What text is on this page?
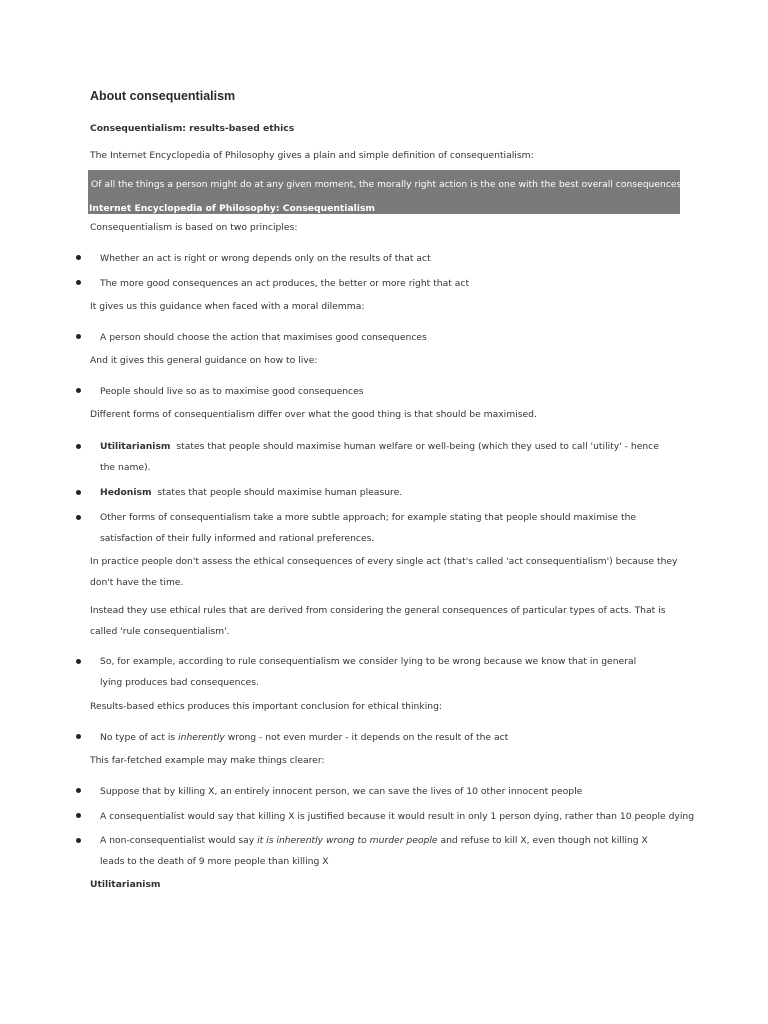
About consequentialism
Consequentialism: results-based ethics
The Internet Encyclopedia of Philosophy gives a plain and simple definition of consequentialism:
Of all the things a person might do at any given moment, the morally right action is the one with the best overall consequences.
Internet Encyclopedia of Philosophy: Consequentialism
Consequentialism is based on two principles:
Whether an act is right or wrong depends only on the results of that act
The more good consequences an act produces, the better or more right that act
It gives us this guidance when faced with a moral dilemma:
A person should choose the action that maximises good consequences
And it gives this general guidance on how to live:
People should live so as to maximise good consequences
Different forms of consequentialism differ over what the good thing is that should be maximised.
Utilitarianism states that people should maximise human welfare or well-being (which they used to call 'utility' - hence the name).
Hedonism states that people should maximise human pleasure.
Other forms of consequentialism take a more subtle approach; for example stating that people should maximise the satisfaction of their fully informed and rational preferences.
In practice people don't assess the ethical consequences of every single act (that's called 'act consequentialism') because they don't have the time.
Instead they use ethical rules that are derived from considering the general consequences of particular types of acts. That is called 'rule consequentialism'.
So, for example, according to rule consequentialism we consider lying to be wrong because we know that in general lying produces bad consequences.
Results-based ethics produces this important conclusion for ethical thinking:
No type of act is inherently wrong - not even murder - it depends on the result of the act
This far-fetched example may make things clearer:
Suppose that by killing X, an entirely innocent person, we can save the lives of 10 other innocent people
A consequentialist would say that killing X is justified because it would result in only 1 person dying, rather than 10 people dying
A non-consequentialist would say it is inherently wrong to murder people and refuse to kill X, even though not killing X leads to the death of 9 more people than killing X
Utilitarianism
